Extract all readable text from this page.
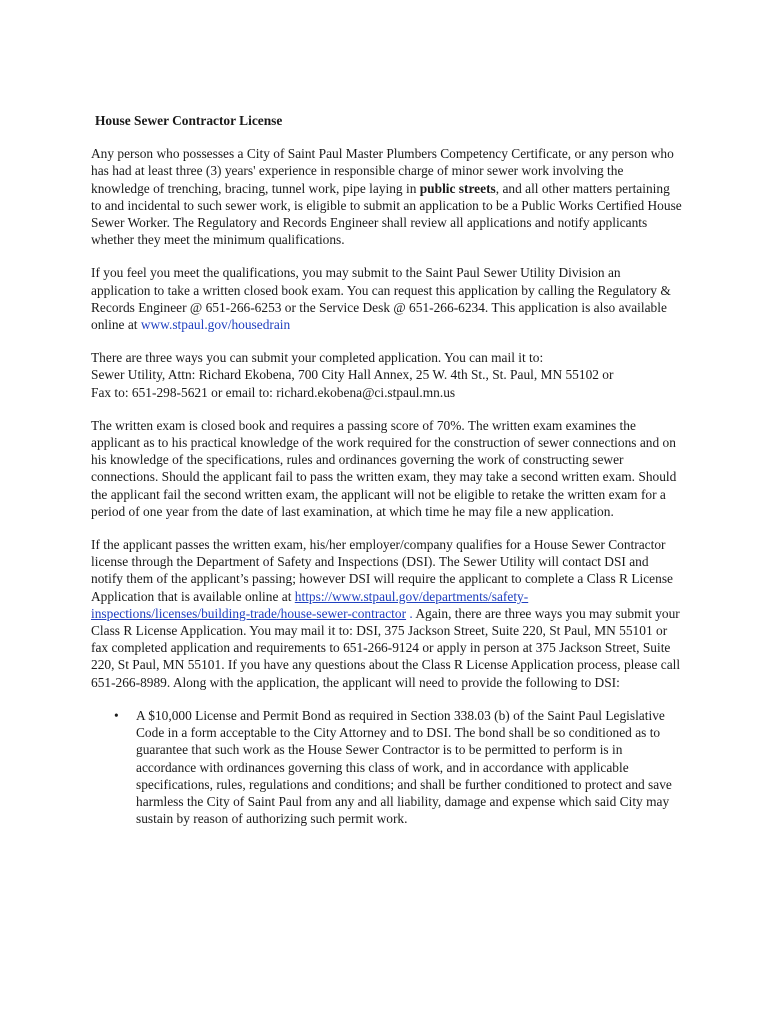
House Sewer Contractor License

Any person who possesses a City of Saint Paul Master Plumbers Competency Certificate, or any person who has had at least three (3) years' experience in responsible charge of minor sewer work involving the knowledge of trenching, bracing, tunnel work, pipe laying in public streets, and all other matters pertaining to and incidental to such sewer work, is eligible to submit an application to be a Public Works Certified House Sewer Worker. The Regulatory and Records Engineer shall review all applications and notify applicants whether they meet the minimum qualifications.

If you feel you meet the qualifications, you may submit to the Saint Paul Sewer Utility Division an application to take a written closed book exam. You can request this application by calling the Regulatory & Records Engineer @ 651-266-6253 or the Service Desk @ 651-266-6234. This application is also available online at www.stpaul.gov/housedrain

There are three ways you can submit your completed application. You can mail it to:
Sewer Utility, Attn: Richard Ekobena, 700 City Hall Annex, 25 W. 4th St., St. Paul, MN 55102 or
Fax to: 651-298-5621 or email to: richard.ekobena@ci.stpaul.mn.us

The written exam is closed book and requires a passing score of 70%. The written exam examines the applicant as to his practical knowledge of the work required for the construction of sewer connections and on his knowledge of the specifications, rules and ordinances governing the work of constructing sewer connections. Should the applicant fail to pass the written exam, they may take a second written exam. Should the applicant fail the second written exam, the applicant will not be eligible to retake the written exam for a period of one year from the date of last examination, at which time he may file a new application.

If the applicant passes the written exam, his/her employer/company qualifies for a House Sewer Contractor license through the Department of Safety and Inspections (DSI). The Sewer Utility will contact DSI and notify them of the applicant’s passing; however DSI will require the applicant to complete a Class R License Application that is available online at https://www.stpaul.gov/departments/safety-inspections/licenses/building-trade/house-sewer-contractor . Again, there are three ways you may submit your Class R License Application. You may mail it to: DSI, 375 Jackson Street, Suite 220, St Paul, MN 55101 or fax completed application and requirements to 651-266-9124 or apply in person at 375 Jackson Street, Suite 220, St Paul, MN 55101. If you have any questions about the Class R License Application process, please call 651-266-8989. Along with the application, the applicant will need to provide the following to DSI:

• A $10,000 License and Permit Bond as required in Section 338.03 (b) of the Saint Paul Legislative Code in a form acceptable to the City Attorney and to DSI. The bond shall be so conditioned as to guarantee that such work as the House Sewer Contractor is to be permitted to perform is in accordance with ordinances governing this class of work, and in accordance with applicable specifications, rules, regulations and conditions; and shall be further conditioned to protect and save harmless the City of Saint Paul from any and all liability, damage and expense which said City may sustain by reason of authorizing such permit work.
